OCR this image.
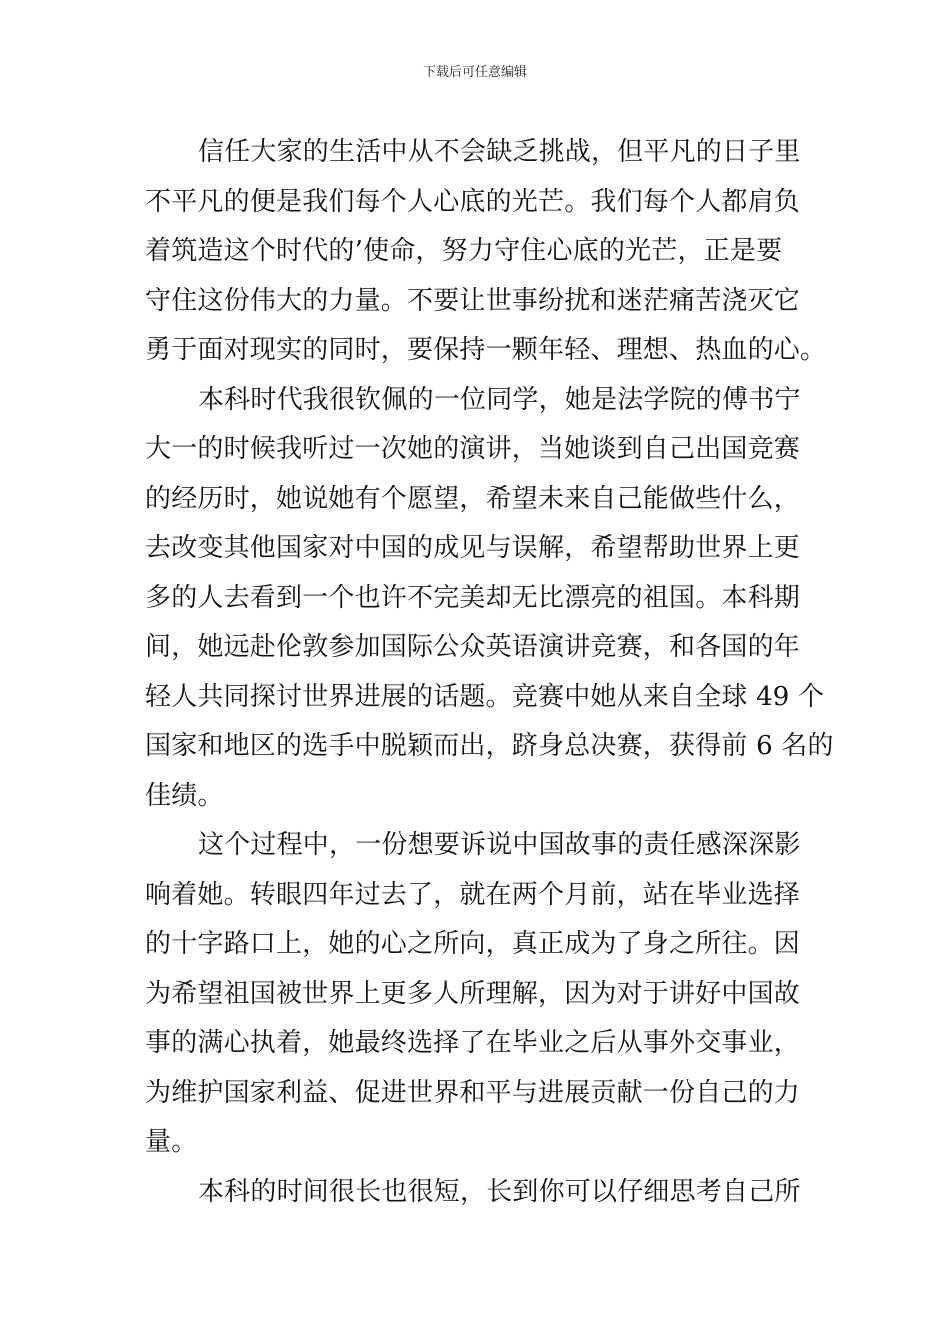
下载后可任意编辑
信任大家的生活中从不会缺乏挑战，但平凡的日子里
不平凡的便是我们每个人心底的光芒。我们每个人都肩负
着筑造这个时代的’使命，努力守住心底的光芒，正是要
守住这份伟大的力量。不要让世事纷扰和迷茫痛苦浇灭它
勇于面对现实的同时，要保持一颗年轻、理想、热血的心。
本科时代我很钦佩的一位同学，她是法学院的傅书宁
大一的时候我听过一次她的演讲，当她谈到自己出国竞赛
的经历时，她说她有个愿望，希望未来自己能做些什么，
去改变其他国家对中国的成见与误解，希望帮助世界上更
多的人去看到一个也许不完美却无比漂亮的祖国。本科期
间，她远赴伦敦参加国际公众英语演讲竞赛，和各国的年
轻人共同探讨世界进展的话题。竞赛中她从来自全球 49 个
国家和地区的选手中脱颖而出，跻身总决赛，获得前 6 名的
佳绩。
这个过程中，一份想要诉说中国故事的责任感深深影
响着她。转眼四年过去了，就在两个月前，站在毕业选择
的十字路口上，她的心之所向，真正成为了身之所往。因
为希望祖国被世界上更多人所理解，因为对于讲好中国故
事的满心执着，她最终选择了在毕业之后从事外交事业，
为维护国家利益、促进世界和平与进展贡献一份自己的力
量。
本科的时间很长也很短，长到你可以仔细思考自己所
